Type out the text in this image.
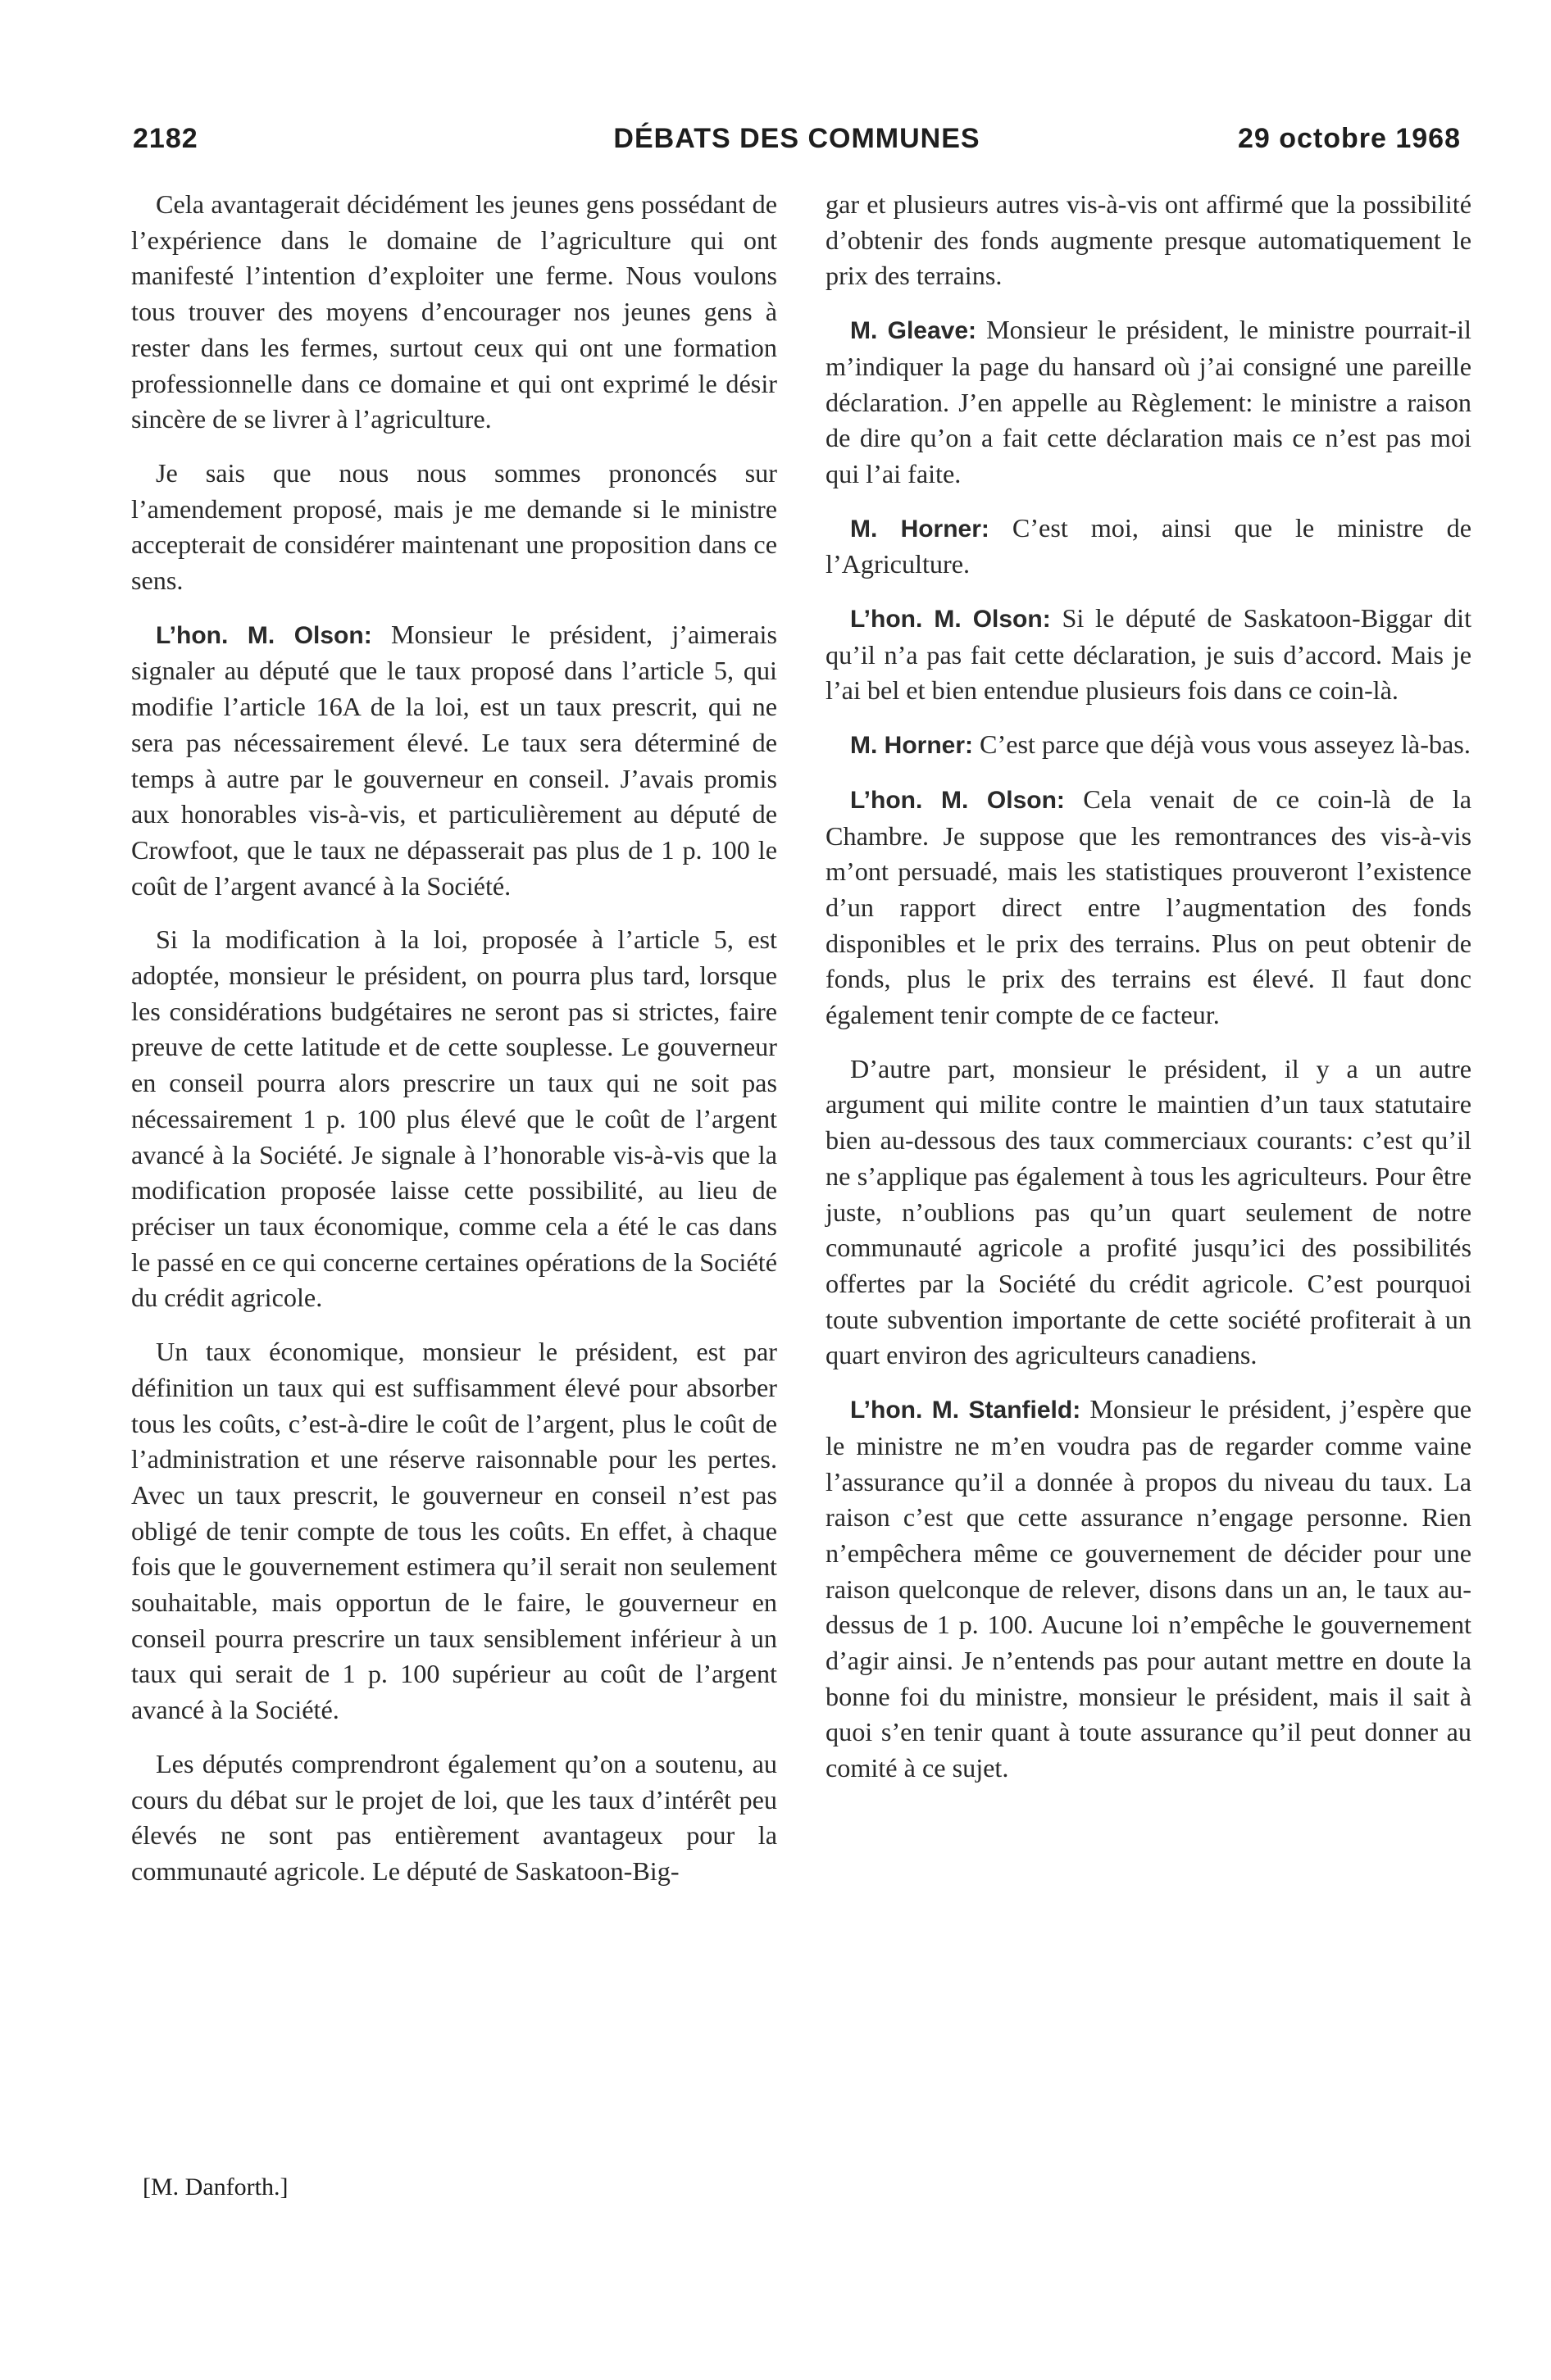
2182	DÉBATS DES COMMUNES	29 octobre 1968

Cela avantagerait décidément les jeunes gens possédant de l’expérience dans le domaine de l’agriculture qui ont manifesté l’intention d’exploiter une ferme. Nous voulons tous trouver des moyens d’encourager nos jeunes gens à rester dans les fermes, surtout ceux qui ont une formation professionnelle dans ce domaine et qui ont exprimé le désir sincère de se livrer à l’agriculture.

Je sais que nous nous sommes prononcés sur l’amendement proposé, mais je me demande si le ministre accepterait de considérer maintenant une proposition dans ce sens.

L’hon. M. Olson: Monsieur le président, j’aimerais signaler au député que le taux proposé dans l’article 5, qui modifie l’article 16A de la loi, est un taux prescrit, qui ne sera pas nécessairement élevé. Le taux sera déterminé de temps à autre par le gouverneur en conseil. J’avais promis aux honorables vis-à-vis, et particulièrement au député de Crowfoot, que le taux ne dépasserait pas plus de 1 p. 100 le coût de l’argent avancé à la Société.

Si la modification à la loi, proposée à l’article 5, est adoptée, monsieur le président, on pourra plus tard, lorsque les considérations budgétaires ne seront pas si strictes, faire preuve de cette latitude et de cette souplesse. Le gouverneur en conseil pourra alors prescrire un taux qui ne soit pas nécessairement 1 p. 100 plus élevé que le coût de l’argent avancé à la Société. Je signale à l’honorable vis-à-vis que la modification proposée laisse cette possibilité, au lieu de préciser un taux économique, comme cela a été le cas dans le passé en ce qui concerne certaines opérations de la Société du crédit agricole.

Un taux économique, monsieur le président, est par définition un taux qui est suffisamment élevé pour absorber tous les coûts, c’est-à-dire le coût de l’argent, plus le coût de l’administration et une réserve raisonnable pour les pertes. Avec un taux prescrit, le gouverneur en conseil n’est pas obligé de tenir compte de tous les coûts. En effet, à chaque fois que le gouvernement estimera qu’il serait non seulement souhaitable, mais opportun de le faire, le gouverneur en conseil pourra prescrire un taux sensiblement inférieur à un taux qui serait de 1 p. 100 supérieur au coût de l’argent avancé à la Société.

Les députés comprendront également qu’on a soutenu, au cours du débat sur le projet de loi, que les taux d’intérêt peu élevés ne sont pas entièrement avantageux pour la communauté agricole. Le député de Saskatoon-Big-

gar et plusieurs autres vis-à-vis ont affirmé que la possibilité d’obtenir des fonds augmente presque automatiquement le prix des terrains.

M. Gleave: Monsieur le président, le ministre pourrait-il m’indiquer la page du hansard où j’ai consigné une pareille déclaration. J’en appelle au Règlement: le ministre a raison de dire qu’on a fait cette déclaration mais ce n’est pas moi qui l’ai faite.

M. Horner: C’est moi, ainsi que le ministre de l’Agriculture.

L’hon. M. Olson: Si le député de Saskatoon-Biggar dit qu’il n’a pas fait cette déclaration, je suis d’accord. Mais je l’ai bel et bien entendue plusieurs fois dans ce coin-là.

M. Horner: C’est parce que déjà vous vous asseyez là-bas.

L’hon. M. Olson: Cela venait de ce coin-là de la Chambre. Je suppose que les remontrances des vis-à-vis m’ont persuadé, mais les statistiques prouveront l’existence d’un rapport direct entre l’augmentation des fonds disponibles et le prix des terrains. Plus on peut obtenir de fonds, plus le prix des terrains est élevé. Il faut donc également tenir compte de ce facteur.

D’autre part, monsieur le président, il y a un autre argument qui milite contre le maintien d’un taux statutaire bien au-dessous des taux commerciaux courants: c’est qu’il ne s’applique pas également à tous les agriculteurs. Pour être juste, n’oublions pas qu’un quart seulement de notre communauté agricole a profité jusqu’ici des possibilités offertes par la Société du crédit agricole. C’est pourquoi toute subvention importante de cette société profiterait à un quart environ des agriculteurs canadiens.

L’hon. M. Stanfield: Monsieur le président, j’espère que le ministre ne m’en voudra pas de regarder comme vaine l’assurance qu’il a donnée à propos du niveau du taux. La raison c’est que cette assurance n’engage personne. Rien n’empêchera même ce gouvernement de décider pour une raison quelconque de relever, disons dans un an, le taux au-dessus de 1 p. 100. Aucune loi n’empêche le gouvernement d’agir ainsi. Je n’entends pas pour autant mettre en doute la bonne foi du ministre, monsieur le président, mais il sait à quoi s’en tenir quant à toute assurance qu’il peut donner au comité à ce sujet.

[M. Danforth.]
